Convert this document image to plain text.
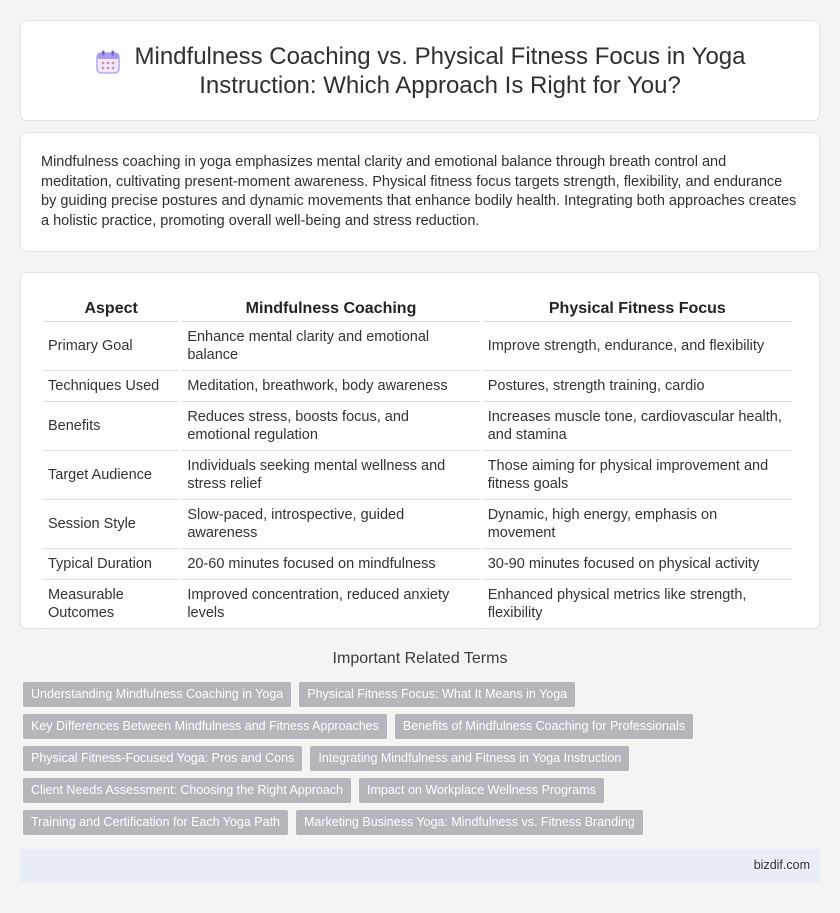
Mindfulness Coaching vs. Physical Fitness Focus in Yoga Instruction: Which Approach Is Right for You?

Mindfulness coaching in yoga emphasizes mental clarity and emotional balance through breath control and meditation, cultivating present-moment awareness. Physical fitness focus targets strength, flexibility, and endurance by guiding precise postures and dynamic movements that enhance bodily health. Integrating both approaches creates a holistic practice, promoting overall well-being and stress reduction.

Aspect	Mindfulness Coaching	Physical Fitness Focus
Primary Goal	Enhance mental clarity and emotional balance	Improve strength, endurance, and flexibility
Techniques Used	Meditation, breathwork, body awareness	Postures, strength training, cardio
Benefits	Reduces stress, boosts focus, and emotional regulation	Increases muscle tone, cardiovascular health, and stamina
Target Audience	Individuals seeking mental wellness and stress relief	Those aiming for physical improvement and fitness goals
Session Style	Slow-paced, introspective, guided awareness	Dynamic, high energy, emphasis on movement
Typical Duration	20-60 minutes focused on mindfulness	30-90 minutes focused on physical activity
Measurable Outcomes	Improved concentration, reduced anxiety levels	Enhanced physical metrics like strength, flexibility
Important Related Terms
Understanding Mindfulness Coaching in Yoga	Physical Fitness Focus: What It Means in Yoga
Key Differences Between Mindfulness and Fitness Approaches	Benefits of Mindfulness Coaching for Professionals
Physical Fitness-Focused Yoga: Pros and Cons	Integrating Mindfulness and Fitness in Yoga Instruction
Client Needs Assessment: Choosing the Right Approach	Impact on Workplace Wellness Programs
Training and Certification for Each Yoga Path	Marketing Business Yoga: Mindfulness vs. Fitness Branding
bizdif.com
